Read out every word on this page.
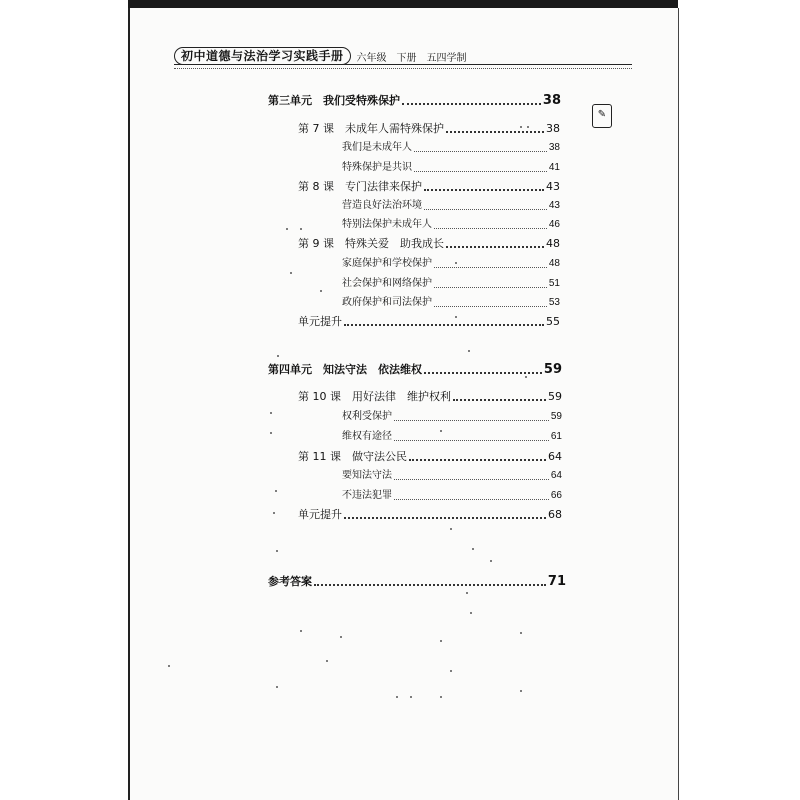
初中道德与法治学习实践手册	六年级　下册　五四学制
✎
第三单元　我们受特殊保护	38
第 7 课　未成年人需特殊保护	38
我们是未成年人	38
特殊保护是共识	41
第 8 课　专门法律来保护	43
营造良好法治环境	43
特别法保护未成年人	46
第 9 课　特殊关爱　助我成长	48
家庭保护和学校保护	48
社会保护和网络保护	51
政府保护和司法保护	53
单元提升	55
第四单元　知法守法　依法维权	59
第 10 课　用好法律　维护权利	59
权利受保护	59
维权有途径	61
第 11 课　做守法公民	64
要知法守法	64
不违法犯罪	66
单元提升	68
参考答案	71
